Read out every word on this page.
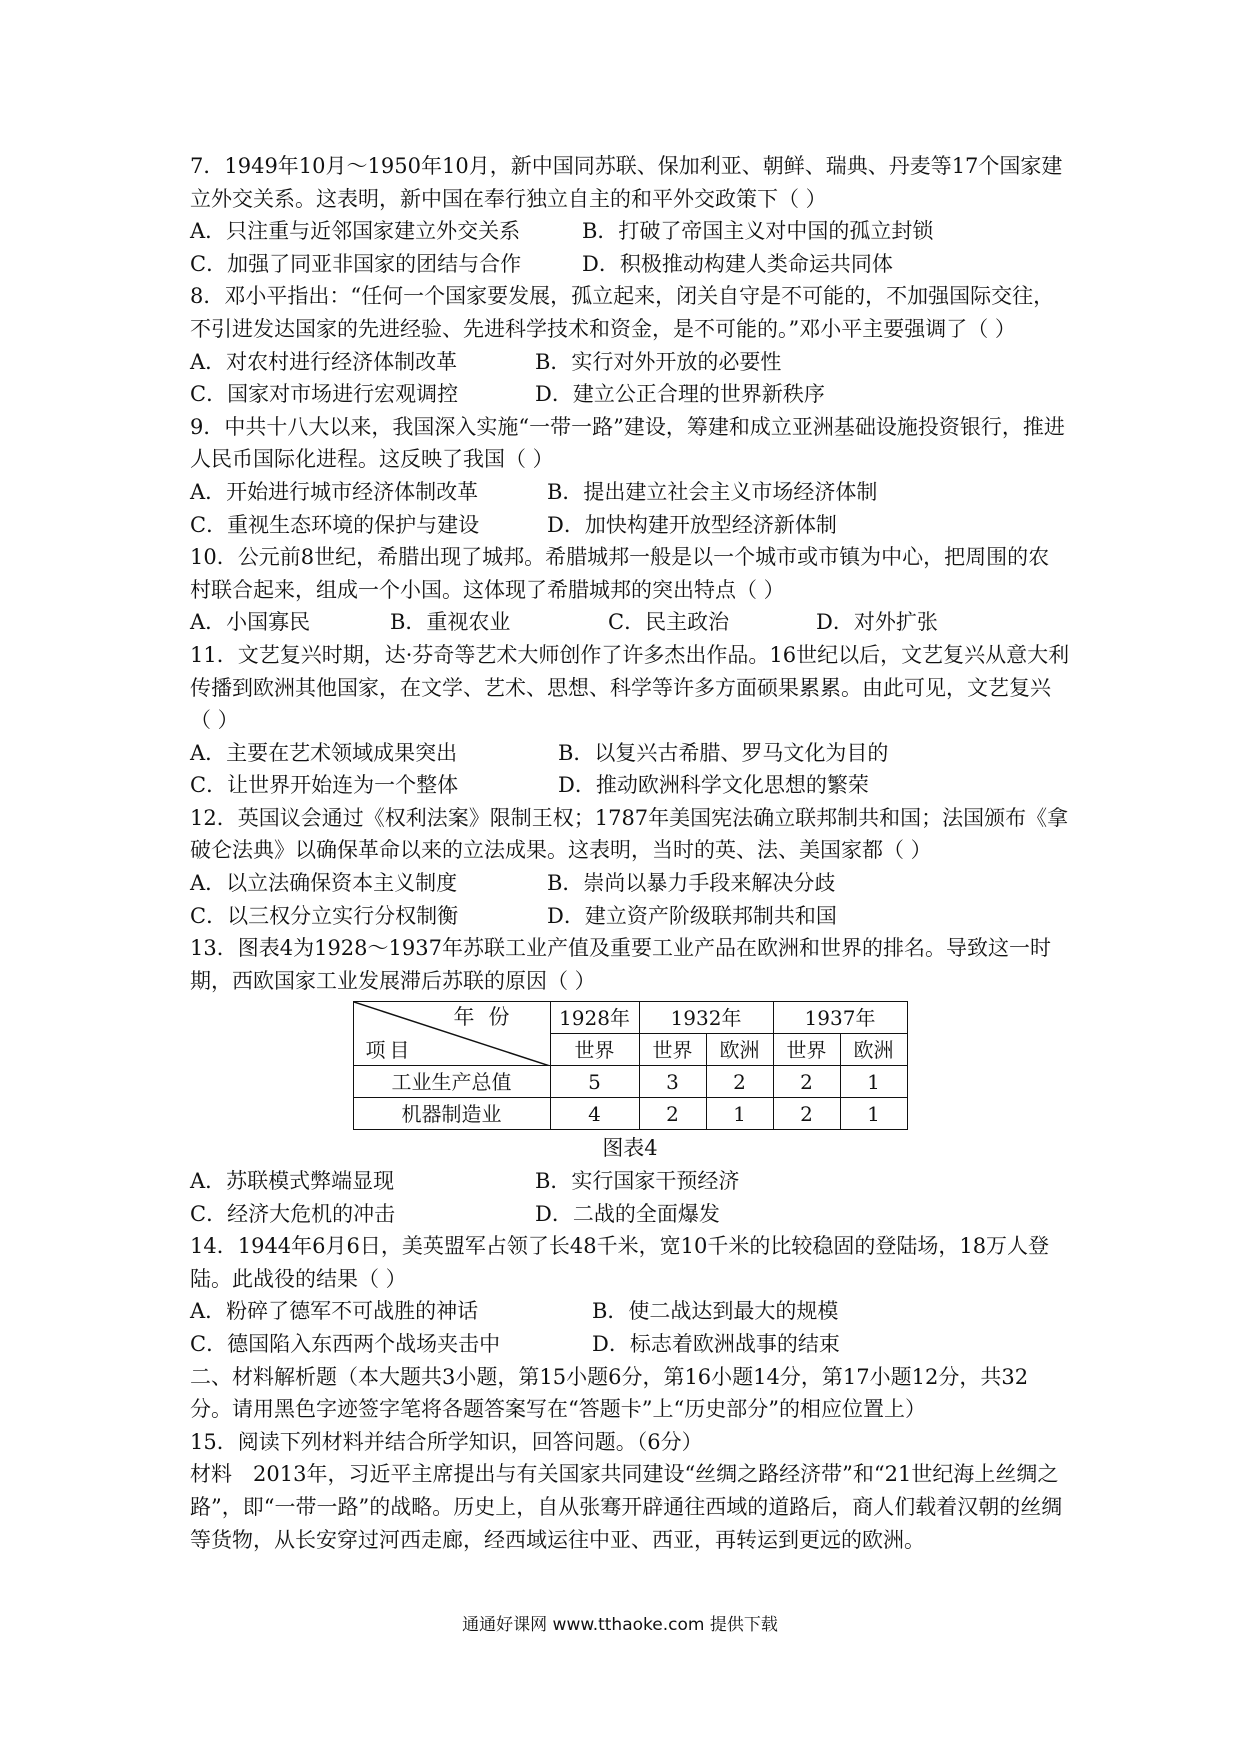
7．1949年10月～1950年10月，新中国同苏联、保加利亚、朝鲜、瑞典、丹麦等17个国家建立外交关系。这表明，新中国在奉行独立自主的和平外交政策下（ ）

A．只注重与近邻国家建立外交关系	B．打破了帝国主义对中国的孤立封锁
C．加强了同亚非国家的团结与合作	D．积极推动构建人类命运共同体

8．邓小平指出：“任何一个国家要发展，孤立起来，闭关自守是不可能的，不加强国际交往，不引进发达国家的先进经验、先进科学技术和资金，是不可能的。”邓小平主要强调了（ ）

A．对农村进行经济体制改革	B．实行对外开放的必要性
C．国家对市场进行宏观调控	D．建立公正合理的世界新秩序

9．中共十八大以来，我国深入实施“一带一路”建设，筹建和成立亚洲基础设施投资银行，推进人民币国际化进程。这反映了我国（ ）

A．开始进行城市经济体制改革	B．提出建立社会主义市场经济体制
C．重视生态环境的保护与建设	D．加快构建开放型经济新体制

10．公元前8世纪，希腊出现了城邦。希腊城邦一般是以一个城市或市镇为中心，把周围的农村联合起来，组成一个小国。这体现了希腊城邦的突出特点（ ）

A．小国寡民	B．重视农业	C．民主政治	D．对外扩张

11．文艺复兴时期，达·芬奇等艺术大师创作了许多杰出作品。16世纪以后，文艺复兴从意大利传播到欧洲其他国家，在文学、艺术、思想、科学等许多方面硕果累累。由此可见，文艺复兴（ ）

A．主要在艺术领域成果突出	B．以复兴古希腊、罗马文化为目的
C．让世界开始连为一个整体	D．推动欧洲科学文化思想的繁荣

12．英国议会通过《权利法案》限制王权；1787年美国宪法确立联邦制共和国；法国颁布《拿破仑法典》以确保革命以来的立法成果。这表明，当时的英、法、美国家都（ ）

A．以立法确保资本主义制度	B．崇尚以暴力手段来解决分歧
C．以三权分立实行分权制衡	D．建立资产阶级联邦制共和国

13．图表4为1928～1937年苏联工业产值及重要工业产品在欧洲和世界的排名。导致这一时期，西欧国家工业发展滞后苏联的原因（ ）

年份
项目	1928年	1932年		1937年	
	世界	世界	欧洲	世界	欧洲
工业生产总值	5	3	2	2	1
机器制造业	4	2	1	2	1

图表4

A．苏联模式弊端显现	B．实行国家干预经济
C．经济大危机的冲击	D．二战的全面爆发

14．1944年6月6日，美英盟军占领了长48千米，宽10千米的比较稳固的登陆场，18万人登陆。此战役的结果（ ）

A．粉碎了德军不可战胜的神话	B．使二战达到最大的规模
C．德国陷入东西两个战场夹击中	D．标志着欧洲战事的结束

二、材料解析题（本大题共3小题，第15小题6分，第16小题14分，第17小题12分，共32分。请用黑色字迹签字笔将各题答案写在“答题卡”上“历史部分”的相应位置上）

15．阅读下列材料并结合所学知识，回答问题。（6分）

材料　2013年，习近平主席提出与有关国家共同建设“丝绸之路经济带”和“21世纪海上丝绸之路”，即“一带一路”的战略。历史上，自从张骞开辟通往西域的道路后，商人们载着汉朝的丝绸等货物，从长安穿过河西走廊，经西域运往中亚、西亚，再转运到更远的欧洲。

通通好课网 www.tthaoke.com 提供下载
